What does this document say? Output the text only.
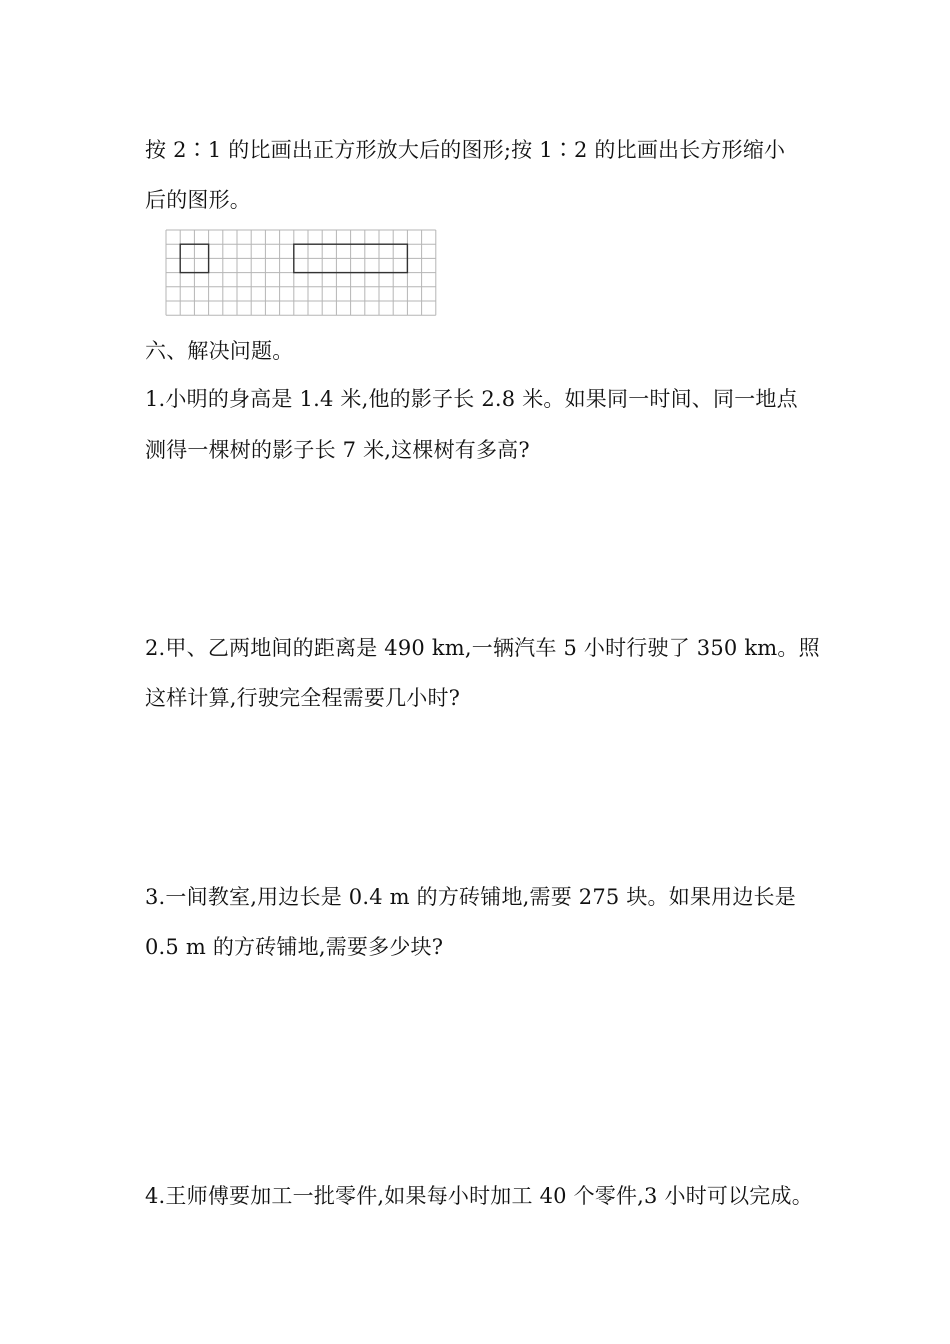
按 2∶1 的比画出正方形放大后的图形;按 1∶2 的比画出长方形缩小
后的图形。
六、解决问题。
1.小明的身高是 1.4 米,他的影子长 2.8 米。如果同一时间、同一地点
测得一棵树的影子长 7 米,这棵树有多高?
2.甲、乙两地间的距离是 490 km,一辆汽车 5 小时行驶了 350 km。照
这样计算,行驶完全程需要几小时?
3.一间教室,用边长是 0.4 m 的方砖铺地,需要 275 块。如果用边长是
0.5 m 的方砖铺地,需要多少块?
4.王师傅要加工一批零件,如果每小时加工 40 个零件,3 小时可以完成。
